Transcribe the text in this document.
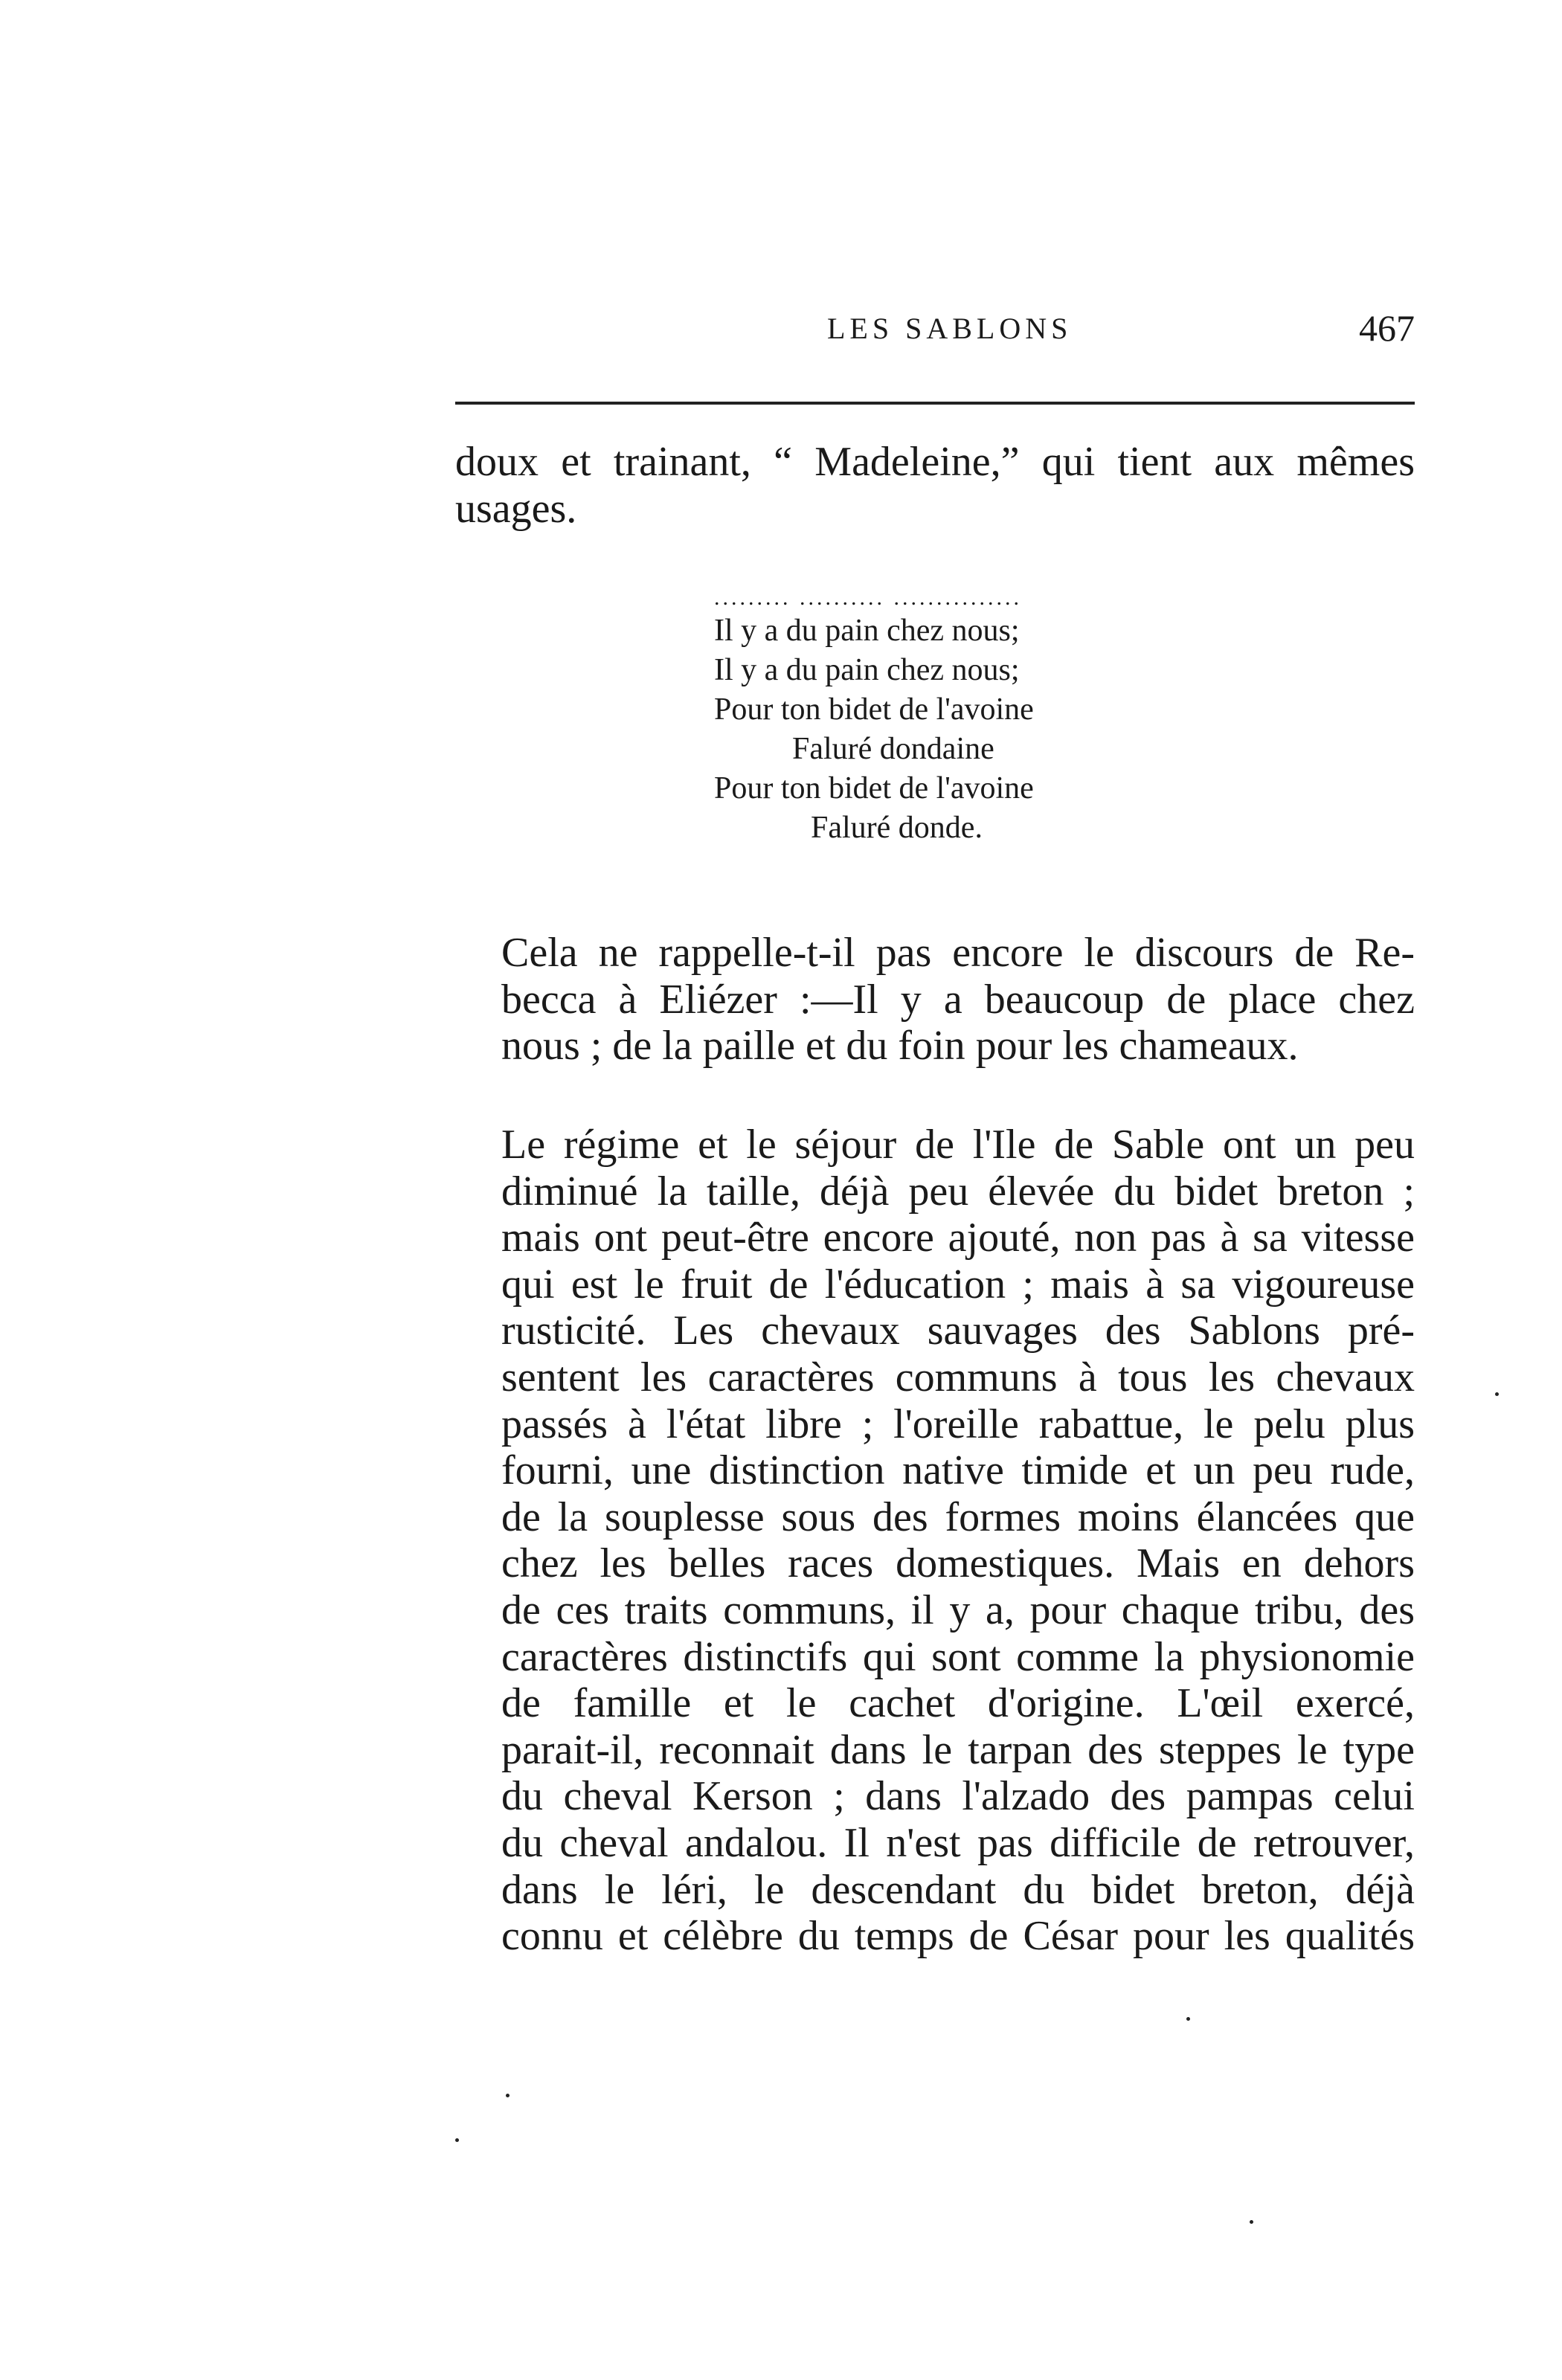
LES SABLONS	467
doux et trainant, “ Madeleine,” qui tient aux mêmes
usages.
......... .......... ...............
Il y a du pain chez nous;
Il y a du pain chez nous;
Pour ton bidet de l'avoine
Faluré dondaine
Pour ton bidet de l'avoine
Faluré donde.
Cela ne rappelle-t-il pas encore le discours de Re-
becca à Eliézer :—Il y a beaucoup de place chez
nous ; de la paille et du foin pour les chameaux.
Le régime et le séjour de l'Ile de Sable ont un peu
diminué la taille, déjà peu élevée du bidet breton ;
mais ont peut-être encore ajouté, non pas à sa vitesse
qui est le fruit de l'éducation ; mais à sa vigoureuse
rusticité. Les chevaux sauvages des Sablons pré-
sentent les caractères communs à tous les chevaux
passés à l'état libre ; l'oreille rabattue, le pelu plus
fourni, une distinction native timide et un peu rude,
de la souplesse sous des formes moins élancées que
chez les belles races domestiques. Mais en dehors
de ces traits communs, il y a, pour chaque tribu, des
caractères distinctifs qui sont comme la physionomie
de famille et le cachet d'origine. L'œil exercé,
parait-il, reconnait dans le tarpan des steppes le type
du cheval Kerson ; dans l'alzado des pampas celui
du cheval andalou. Il n'est pas difficile de retrouver,
dans le léri, le descendant du bidet breton, déjà
connu et célèbre du temps de César pour les qualités
